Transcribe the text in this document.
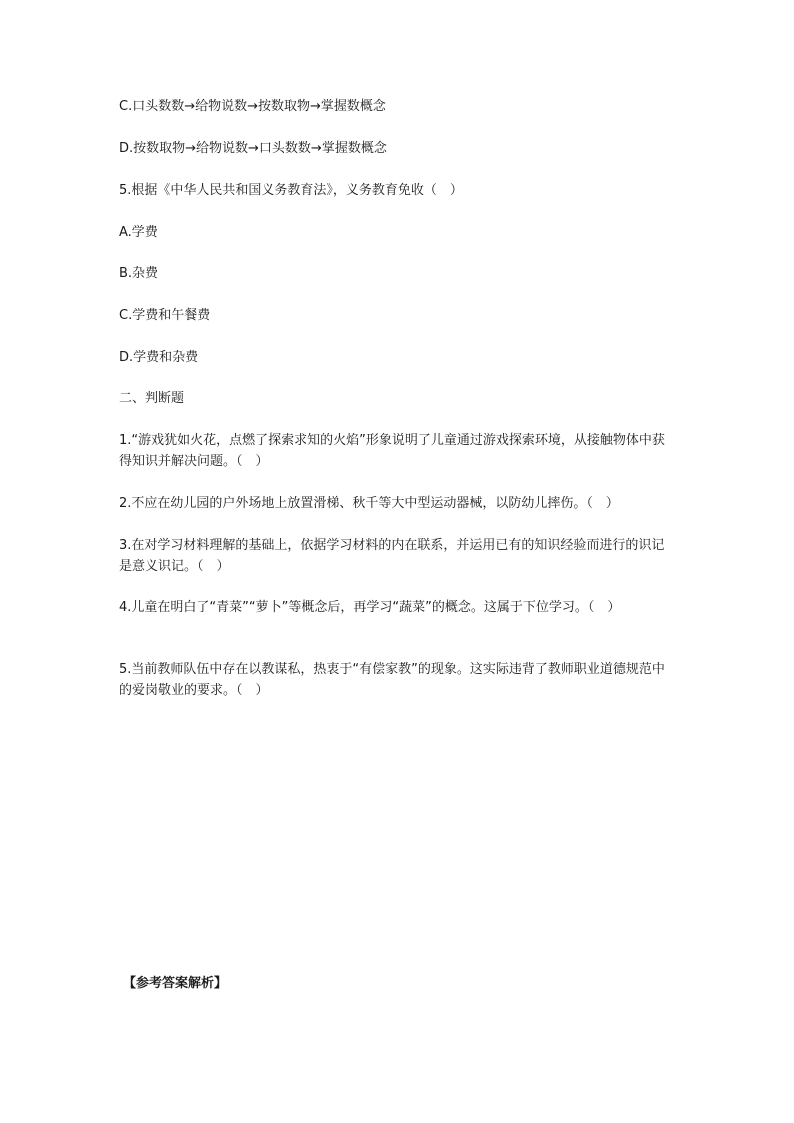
C.口头数数→给物说数→按数取物→掌握数概念
D.按数取物→给物说数→口头数数→掌握数概念
5.根据《中华人民共和国义务教育法》，义务教育免收（　）
A.学费
B.杂费
C.学费和午餐费
D.学费和杂费
二、判断题
1.“游戏犹如火花，点燃了探索求知的火焰”形象说明了儿童通过游戏探索环境，从接触物体中获得知识并解决问题。（　）
2.不应在幼儿园的户外场地上放置滑梯、秋千等大中型运动器械，以防幼儿摔伤。（　）
3.在对学习材料理解的基础上，依据学习材料的内在联系，并运用已有的知识经验而进行的识记是意义识记。（　）
4.儿童在明白了“青菜”“萝卜”等概念后，再学习“蔬菜”的概念。这属于下位学习。（　）
5.当前教师队伍中存在以教谋私，热衷于“有偿家教”的现象。这实际违背了教师职业道德规范中的爱岗敬业的要求。（　）
【参考答案解析】
